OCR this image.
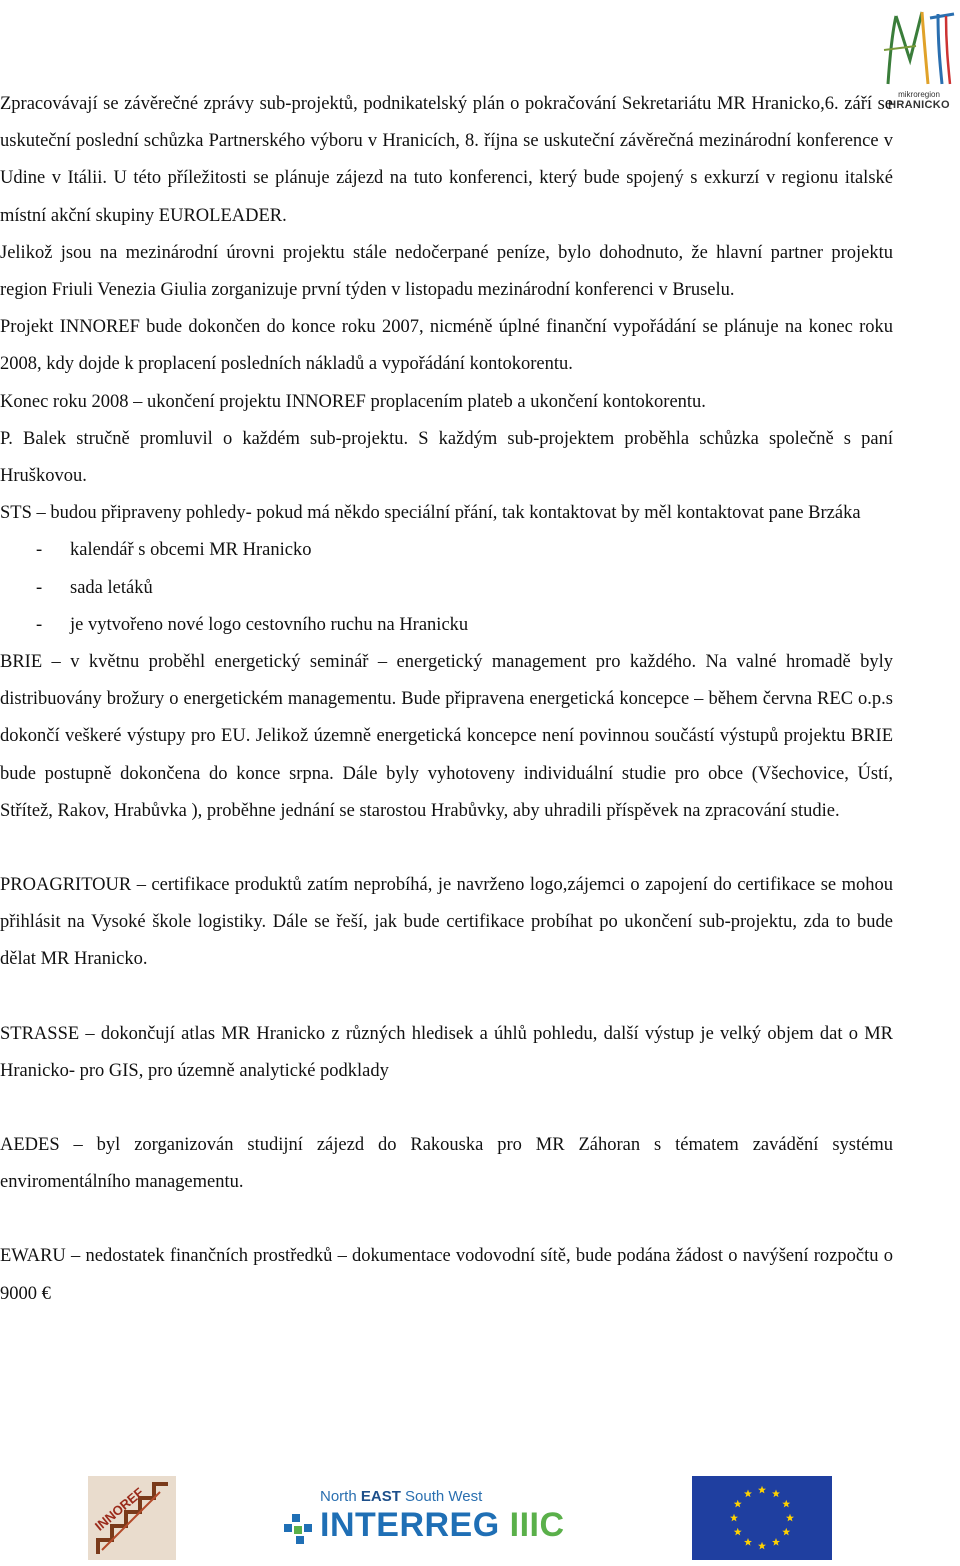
mikroregion
HRANICKO

Zpracovávají se závěrečné zprávy sub-projektů, podnikatelský plán o pokračování Sekretariátu MR Hranicko,6. září se uskuteční poslední schůzka Partnerského výboru v Hranicích, 8. října se uskuteční závěrečná mezinárodní konference v Udine v Itálii. U této příležitosti se plánuje zájezd na tuto konferenci, který bude spojený s exkurzí v regionu italské místní akční skupiny EUROLEADER.

Jelikož jsou na mezinárodní úrovni projektu stále nedočerpané peníze, bylo dohodnuto, že hlavní partner projektu region Friuli Venezia Giulia zorganizuje první týden v listopadu mezinárodní konferenci v Bruselu.

Projekt INNOREF bude dokončen do konce roku 2007, nicméně úplné finanční vypořádání se plánuje na konec roku 2008, kdy dojde k proplacení posledních nákladů a vypořádání kontokorentu.

Konec roku 2008 – ukončení projektu INNOREF proplacením plateb a ukončení kontokorentu.

P. Balek stručně promluvil o každém sub-projektu. S každým sub-projektem proběhla schůzka společně s paní Hruškovou.

STS – budou připraveny pohledy- pokud má někdo speciální přání, tak kontaktovat by měl kontaktovat pane Brzáka

- kalendář s obcemi MR Hranicko
- sada letáků
- je vytvořeno nové logo cestovního ruchu na Hranicku

BRIE – v květnu proběhl energetický seminář – energetický management pro každého. Na valné hromadě byly distribuovány brožury o energetickém managementu. Bude připravena energetická koncepce – během června REC o.p.s dokončí veškeré výstupy pro EU. Jelikož územně energetická koncepce není povinnou součástí výstupů projektu BRIE bude postupně dokončena do konce srpna. Dále byly vyhotoveny individuální studie pro obce (Všechovice, Ústí, Střítež, Rakov, Hrabůvka ), proběhne jednání se starostou Hrabůvky, aby uhradili příspěvek na zpracování studie.

PROAGRITOUR – certifikace produktů zatím neprobíhá, je navrženo logo,zájemci o zapojení do certifikace se mohou přihlásit na Vysoké škole logistiky. Dále se řeší, jak bude certifikace probíhat po ukončení sub-projektu, zda to bude dělat MR Hranicko.

STRASSE – dokončují atlas MR Hranicko z různých hledisek a úhlů pohledu, další výstup je velký objem dat o MR Hranicko- pro GIS, pro územně analytické podklady

AEDES – byl zorganizován studijní zájezd do Rakouska pro MR Záhoran s tématem zavádění systému enviromentálního managementu.

EWARU – nedostatek finančních prostředků – dokumentace vodovodní sítě, bude podána žádost o navýšení rozpočtu o 9000 €

INNOREF	North EAST South West
INTERREG IIIC
